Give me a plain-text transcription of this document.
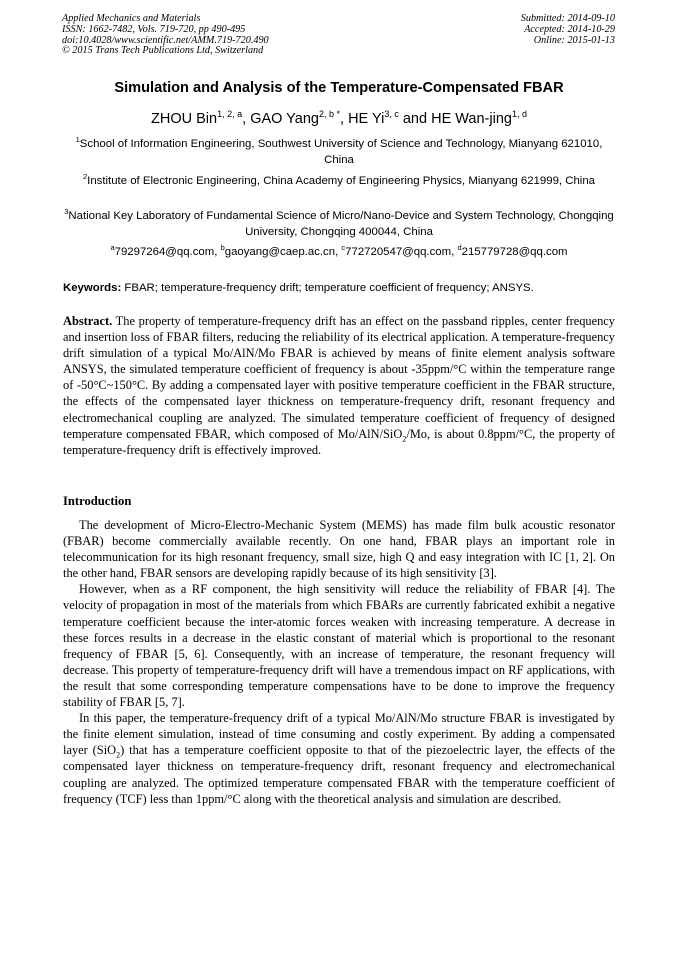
Applied Mechanics and Materials
ISSN: 1662-7482, Vols. 719-720, pp 490-495
doi:10.4028/www.scientific.net/AMM.719-720.490
© 2015 Trans Tech Publications Ltd, Switzerland
Submitted: 2014-09-10
Accepted: 2014-10-29
Online: 2015-01-13
Simulation and Analysis of the Temperature-Compensated FBAR
ZHOU Bin$^{1, 2, a}$, GAO Yang$^{2, b *}$, HE Yi$^{3, c}$ and HE Wan-jing$^{1, d}$
$^1$School of Information Engineering, Southwest University of Science and Technology, Mianyang 621010, China
$^2$Institute of Electronic Engineering, China Academy of Engineering Physics, Mianyang 621999, China
$^3$National Key Laboratory of Fundamental Science of Micro/Nano-Device and System Technology, Chongqing University, Chongqing 400044, China
$^a$79297264@qq.com, $^b$gaoyang@caep.ac.cn, $^c$772720547@qq.com, $^d$215779728@qq.com
Keywords: FBAR; temperature-frequency drift; temperature coefficient of frequency; ANSYS.
Abstract. The property of temperature-frequency drift has an effect on the passband ripples, center frequency and insertion loss of FBAR filters, reducing the reliability of its electrical application. A temperature-frequency drift simulation of a typical Mo/AlN/Mo FBAR is achieved by means of finite element analysis software ANSYS, the simulated temperature coefficient of frequency is about -35ppm/°C within the temperature range of -50°C~150°C. By adding a compensated layer with positive temperature coefficient in the FBAR structure, the effects of the compensated layer thickness on temperature-frequency drift, resonant frequency and electromechanical coupling are analyzed. The simulated temperature coefficient of frequency of designed temperature compensated FBAR, which composed of Mo/AlN/SiO$_2$/Mo, is about 0.8ppm/°C, the property of temperature-frequency drift is effectively improved.
Introduction

The development of Micro-Electro-Mechanic System (MEMS) has made film bulk acoustic resonator (FBAR) become commercially available recently. On one hand, FBAR plays an important role in telecommunication for its high resonant frequency, small size, high Q and easy integration with IC [1, 2]. On the other hand, FBAR sensors are developing rapidly because of its high sensitivity [3].

However, when as a RF component, the high sensitivity will reduce the reliability of FBAR [4]. The velocity of propagation in most of the materials from which FBARs are currently fabricated exhibit a negative temperature coefficient because the inter-atomic forces weaken with increasing temperature. A decrease in these forces results in a decrease in the elastic constant of material which is proportional to the resonant frequency of FBAR [5, 6]. Consequently, with an increase of temperature, the resonant frequency will decrease. This property of temperature-frequency drift will have a tremendous impact on RF applications, with the result that some corresponding temperature compensations have to be done to improve the frequency stability of FBAR [5, 7].

In this paper, the temperature-frequency drift of a typical Mo/AlN/Mo structure FBAR is investigated by the finite element simulation, instead of time consuming and costly experiment. By adding a compensated layer (SiO$_2$) that has a temperature coefficient opposite to that of the piezoelectric layer, the effects of the compensated layer thickness on temperature-frequency drift, resonant frequency and electromechanical coupling are analyzed. The optimized temperature compensated FBAR with the temperature coefficient of frequency (TCF) less than 1ppm/°C along with the theoretical analysis and simulation are described.
